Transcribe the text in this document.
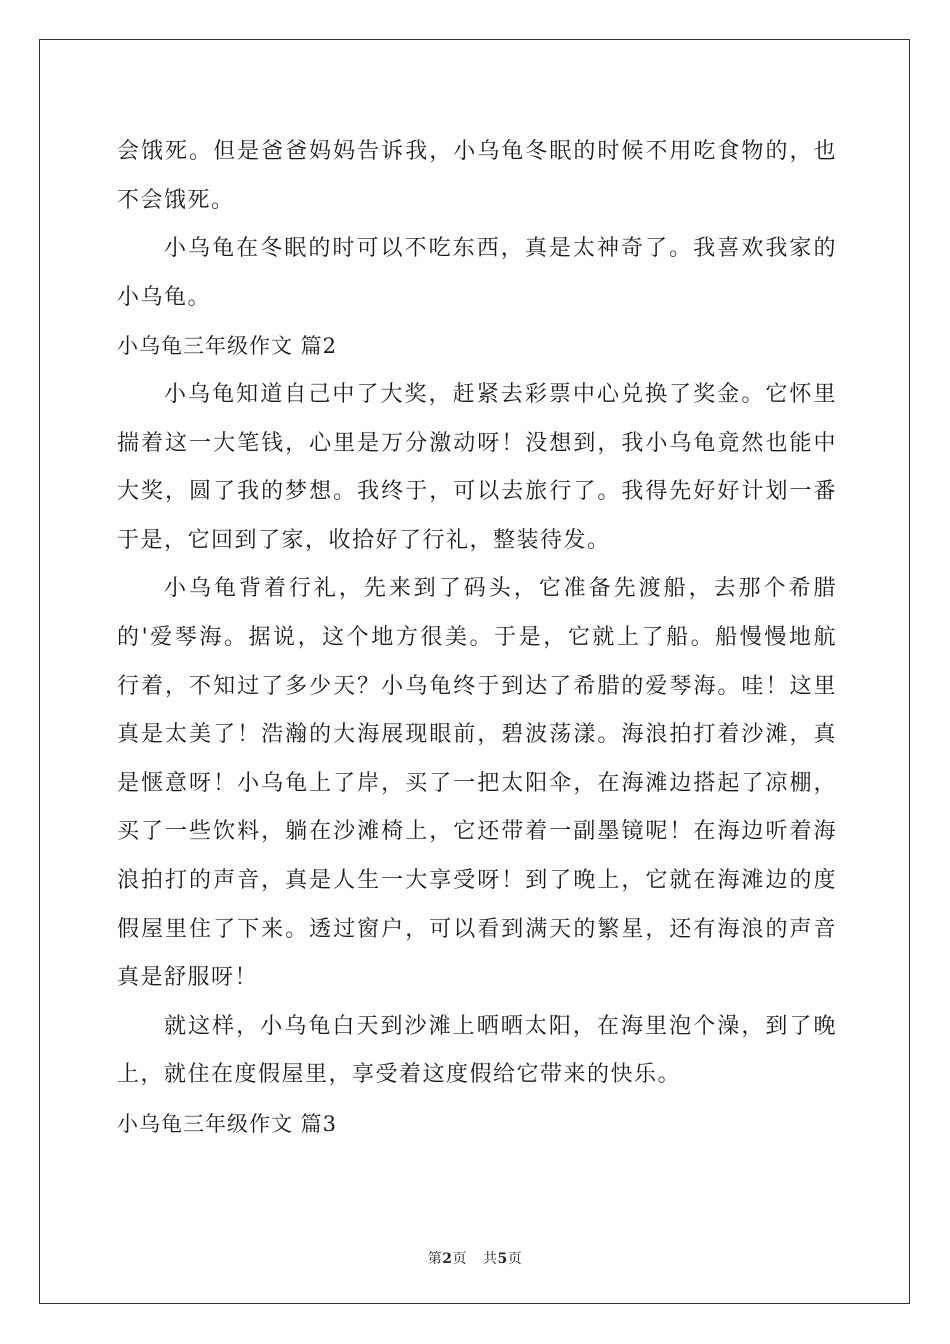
会饿死。但是爸爸妈妈告诉我，小乌龟冬眠的时候不用吃食物的，也
不会饿死。
小乌龟在冬眠的时可以不吃东西，真是太神奇了。我喜欢我家的
小乌龟。
小乌龟三年级作文 篇2
小乌龟知道自己中了大奖，赶紧去彩票中心兑换了奖金。它怀里
揣着这一大笔钱，心里是万分激动呀！没想到，我小乌龟竟然也能中
大奖，圆了我的梦想。我终于，可以去旅行了。我得先好好计划一番
于是，它回到了家，收拾好了行礼，整装待发。
小乌龟背着行礼，先来到了码头，它准备先渡船，去那个希腊
的'爱琴海。据说，这个地方很美。于是，它就上了船。船慢慢地航
行着，不知过了多少天？小乌龟终于到达了希腊的爱琴海。哇！这里
真是太美了！浩瀚的大海展现眼前，碧波荡漾。海浪拍打着沙滩，真
是惬意呀！小乌龟上了岸，买了一把太阳伞，在海滩边搭起了凉棚，
买了一些饮料，躺在沙滩椅上，它还带着一副墨镜呢！在海边听着海
浪拍打的声音，真是人生一大享受呀！到了晚上，它就在海滩边的度
假屋里住了下来。透过窗户，可以看到满天的繁星，还有海浪的声音
真是舒服呀！
就这样，小乌龟白天到沙滩上晒晒太阳，在海里泡个澡，到了晚
上，就住在度假屋里，享受着这度假给它带来的快乐。
小乌龟三年级作文 篇3
第2页 共5页
